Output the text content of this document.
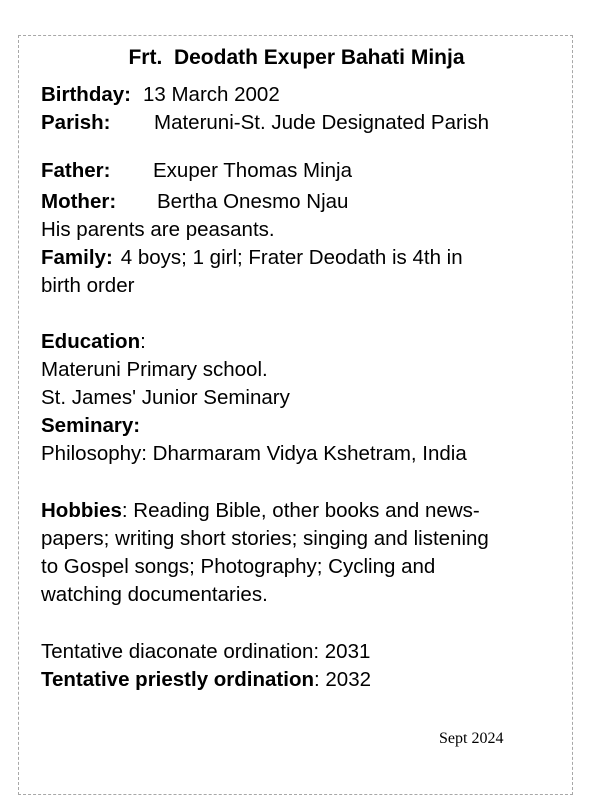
Frt.  Deodath Exuper Bahati Minja
Birthday: 13 March 2002
Parish: Materuni-St. Jude Designated Parish
Father: Exuper Thomas Minja
Mother: Bertha Onesmo Njau
His parents are peasants.
Family: 4 boys; 1 girl; Frater Deodath is 4th in
birth order
Education:
Materuni Primary school.
St. James' Junior Seminary
Seminary:
Philosophy: Dharmaram Vidya Kshetram, India
Hobbies: Reading Bible, other books and news-
papers; writing short stories; singing and listening
to Gospel songs; Photography; Cycling and
watching documentaries.
Tentative diaconate ordination: 2031
Tentative priestly ordination: 2032
Sept 2024
